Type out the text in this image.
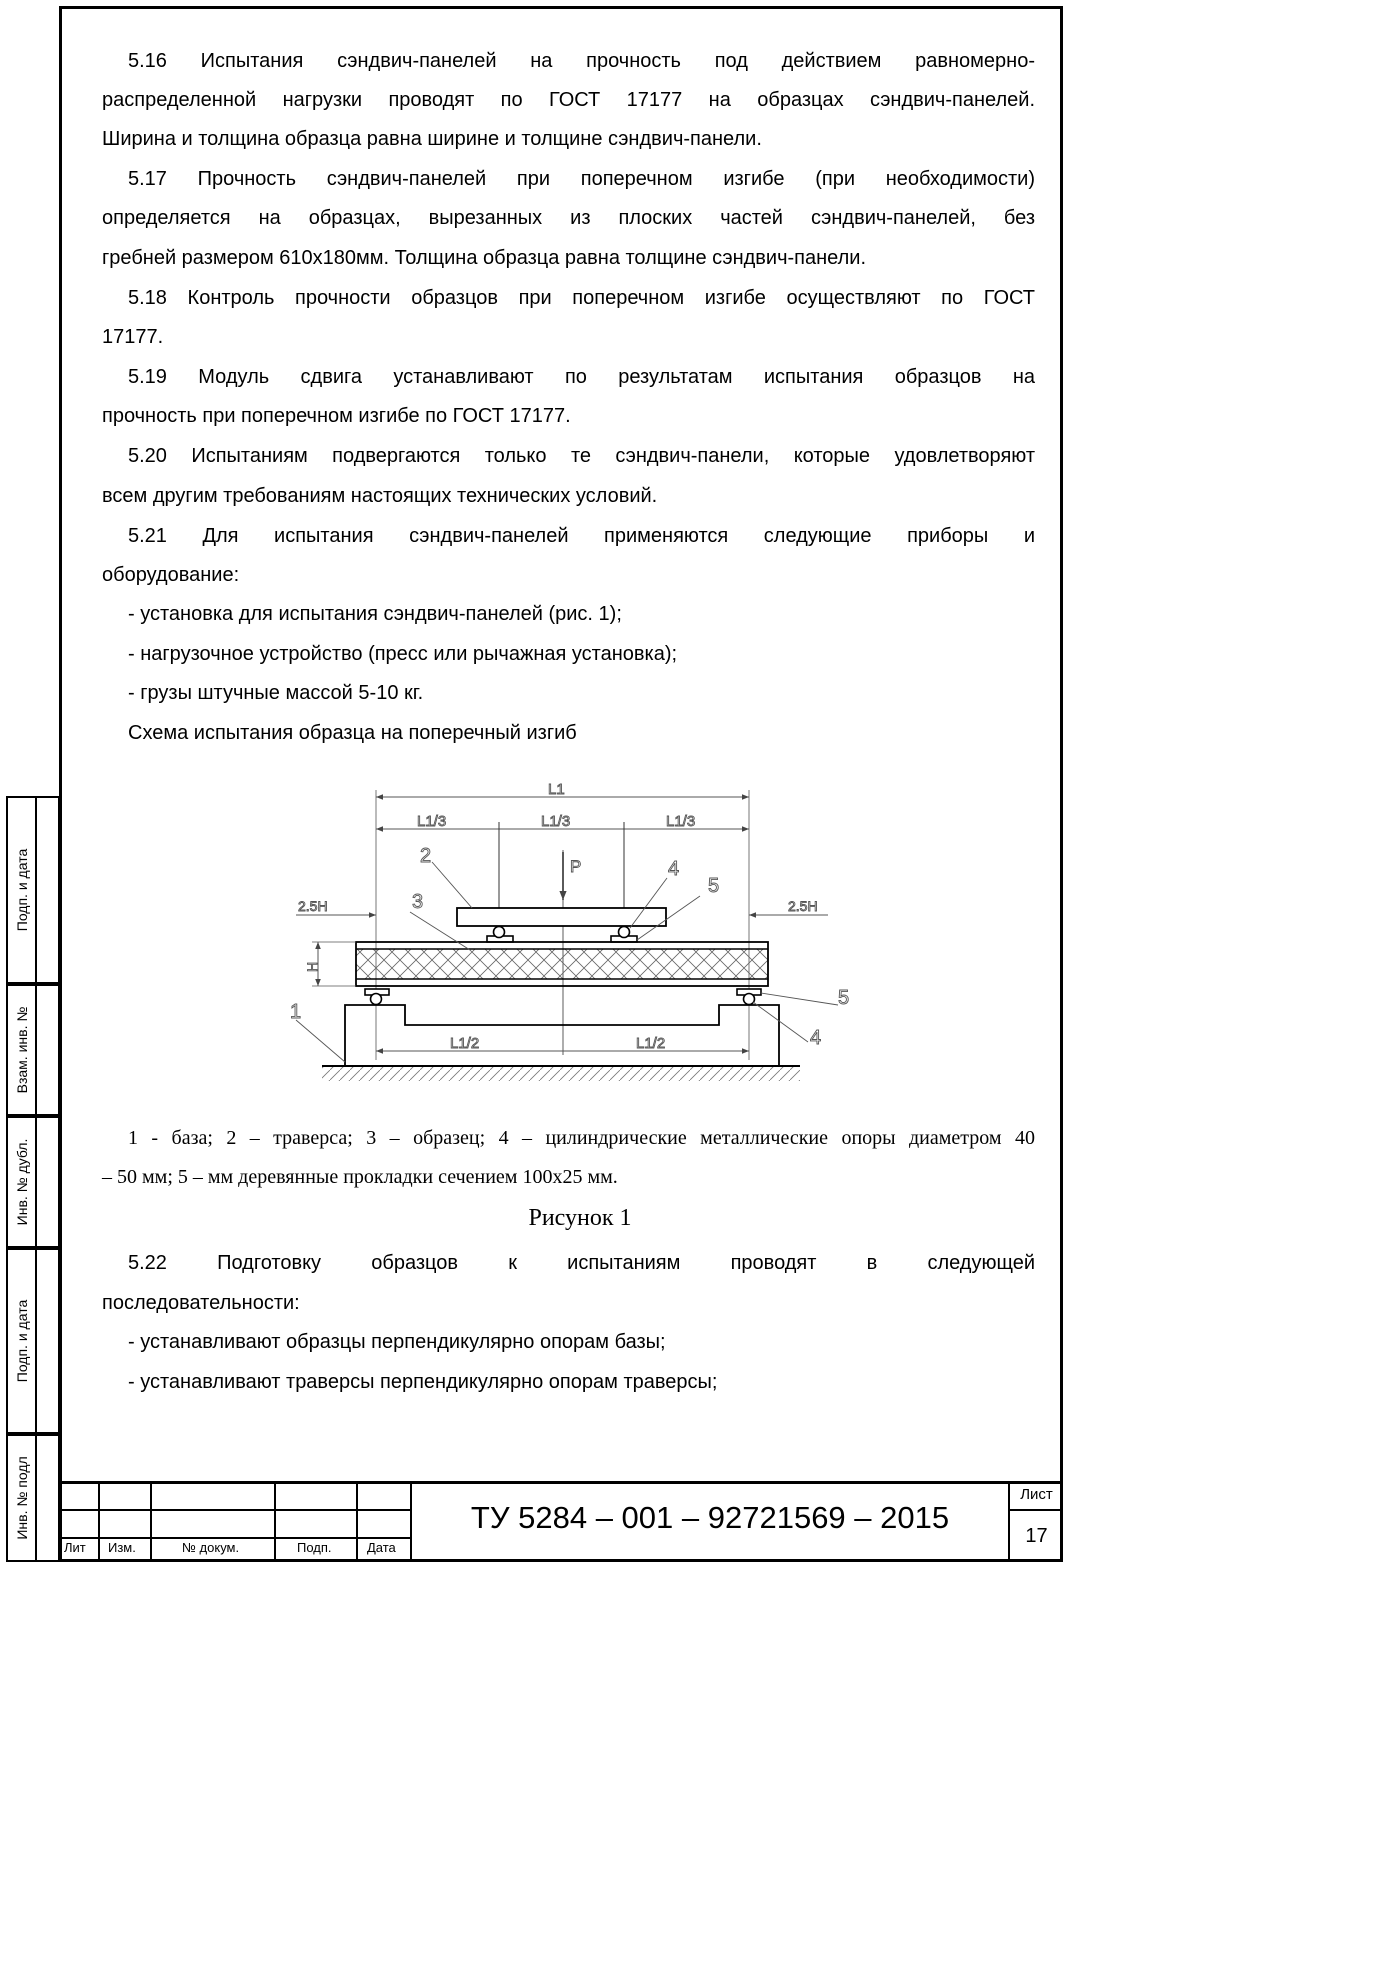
Подп. и дата
Взам. инв. №
Инв. № дубл.
Подп. и дата
Инв. № подл
5.16 Испытания сэндвич-панелей на прочность под действием равномерно-
распределенной нагрузки проводят по ГОСТ 17177 на образцах сэндвич-панелей.
Ширина и толщина образца равна ширине и толщине сэндвич-панели.
5.17 Прочность сэндвич-панелей при поперечном изгибе (при необходимости)
определяется на образцах, вырезанных из плоских частей сэндвич-панелей, без
гребней размером 610х180мм. Толщина образца равна толщине сэндвич-панели.
5.18 Контроль прочности образцов при поперечном изгибе осуществляют по ГОСТ
17177.
5.19 Модуль сдвига устанавливают по результатам испытания образцов на
прочность при поперечном изгибе по ГОСТ 17177.
5.20 Испытаниям подвергаются только те сэндвич-панели, которые удовлетворяют
всем другим требованиям настоящих технических условий.
5.21 Для испытания сэндвич-панелей применяются следующие приборы и
оборудование:
- установка для испытания сэндвич-панелей (рис. 1);
- нагрузочное устройство (пресс или рычажная установка);
- грузы штучные массой 5-10 кг.
Схема испытания образца на поперечный изгиб
L1
L1/3	L1/3	L1/3
P
H
2.5H	2.5H
L1/2	L1/2
2
3
4
5
5
4
1
1 - база; 2 – траверса; 3 – образец; 4 – цилиндрические металлические опоры диаметром 40
– 50 мм; 5 – мм деревянные прокладки сечением 100х25 мм.
Рисунок 1
5.22 Подготовку образцов к испытаниям проводят в следующей
последовательности:
- устанавливают образцы перпендикулярно опорам базы;
- устанавливают траверсы перпендикулярно опорам траверсы;
Лит Изм.	№ докум.	Подп.	Дата
ТУ 5284 – 001 – 92721569 – 2015
Лист
17
